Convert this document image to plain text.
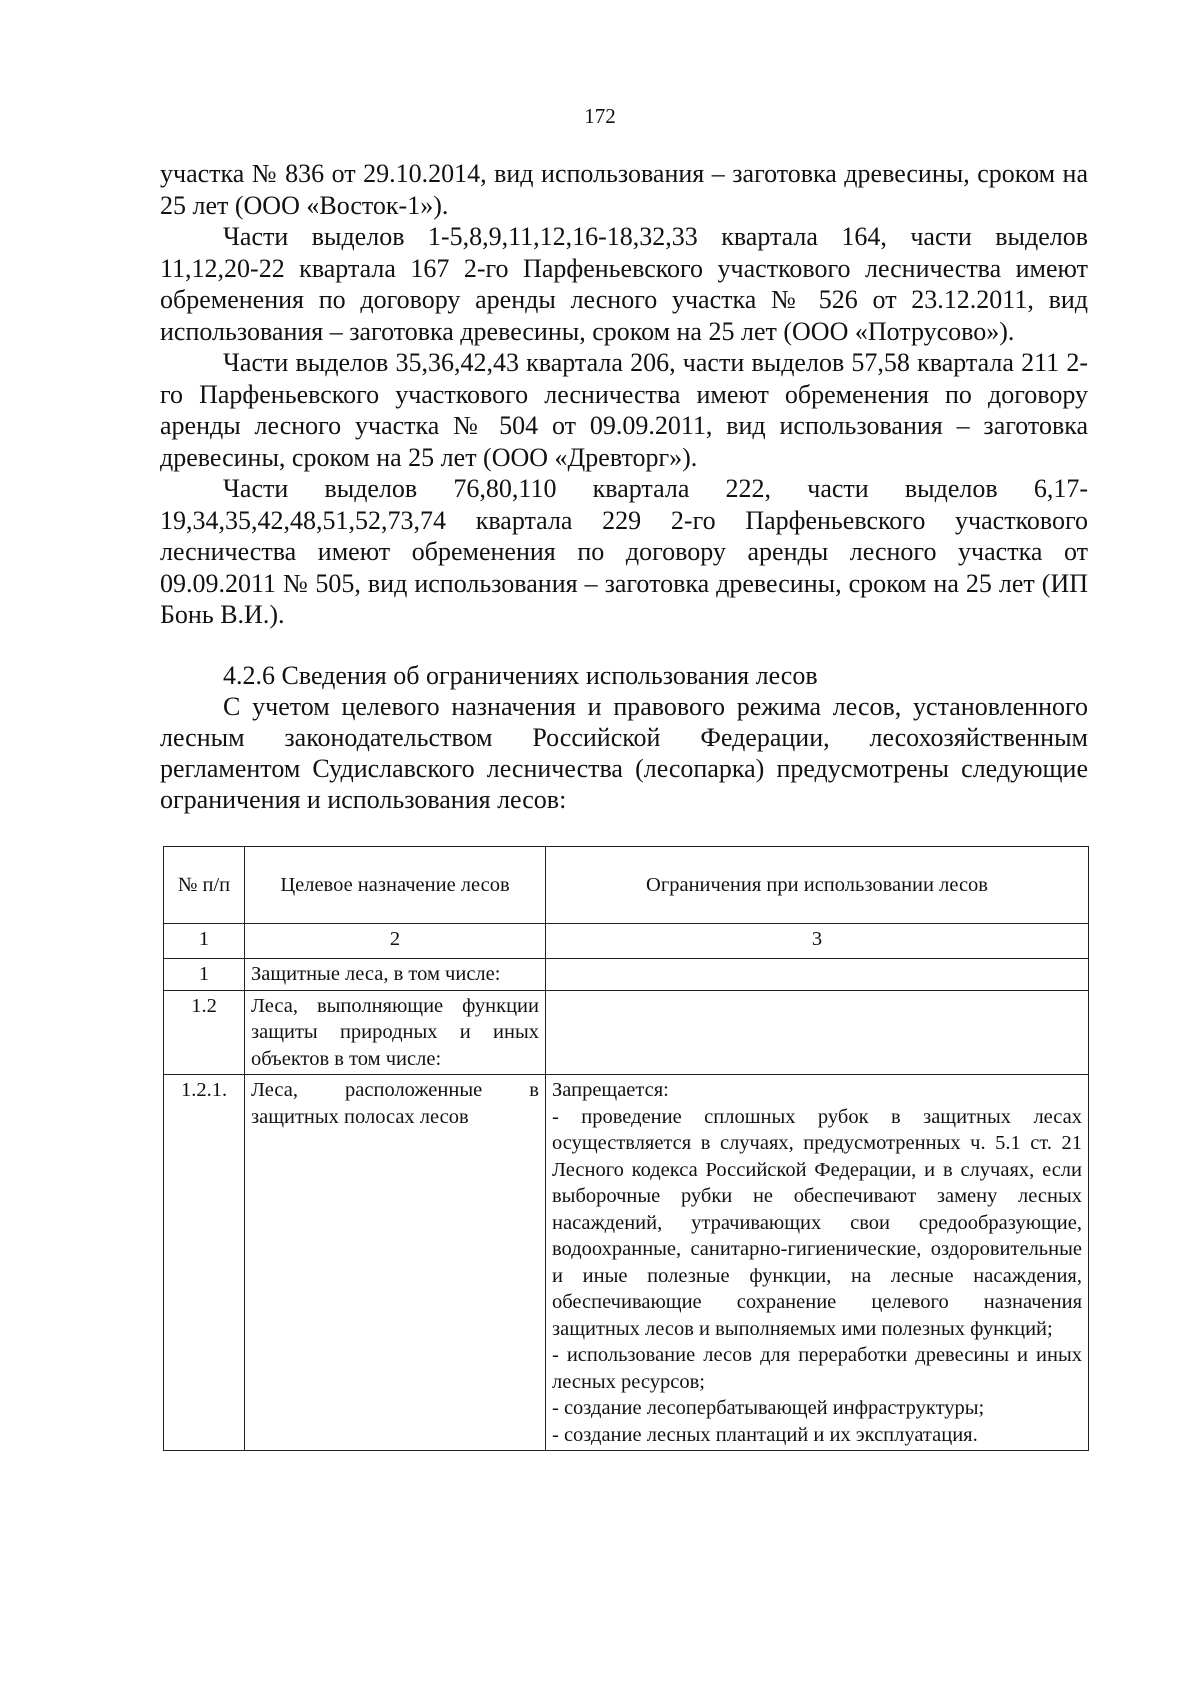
172

участка № 836 от 29.10.2014, вид использования – заготовка древесины, сроком на 25 лет (ООО «Восток-1»).

Части выделов 1-5,8,9,11,12,16-18,32,33 квартала 164, части выделов 11,12,20-22 квартала 167 2-го Парфеньевского участкового лесничества имеют обременения по договору аренды лесного участка № 526 от 23.12.2011, вид использования – заготовка древесины, сроком на 25 лет (ООО «Потрусово»).

Части выделов 35,36,42,43 квартала 206, части выделов 57,58 квартала 211 2-го Парфеньевского участкового лесничества имеют обременения по договору аренды лесного участка № 504 от 09.09.2011, вид использования – заготовка древесины, сроком на 25 лет (ООО «Древторг»).

Части выделов 76,80,110 квартала 222, части выделов 6,17-19,34,35,42,48,51,52,73,74 квартала 229 2-го Парфеньевского участкового лесничества имеют обременения по договору аренды лесного участка от 09.09.2011 № 505, вид использования – заготовка древесины, сроком на 25 лет (ИП Бонь В.И.).

4.2.6 Сведения об ограничениях использования лесов

С учетом целевого назначения и правового режима лесов, установленного лесным законодательством Российской Федерации, лесохозяйственным регламентом Судиславского лесничества (лесопарка) предусмотрены следующие ограничения и использования лесов:

№ п/п	Целевое назначение лесов	Ограничения при использовании лесов
1	2	3
1	Защитные леса, в том числе:	
1.2	Леса, выполняющие функции защиты природных и иных объектов в том числе:	
1.2.1.	Леса, расположенные в защитных полосах лесов	Запрещается:
- проведение сплошных рубок в защитных лесах осуществляется в случаях, предусмотренных ч. 5.1 ст. 21 Лесного кодекса Российской Федерации, и в случаях, если выборочные рубки не обеспечивают замену лесных насаждений, утрачивающих свои средообразующие, водоохранные, санитарно-гигиенические, оздоровительные и иные полезные функции, на лесные насаждения, обеспечивающие сохранение целевого назначения защитных лесов и выполняемых ими полезных функций;
- использование лесов для переработки древесины и иных лесных ресурсов;
- создание лесопербатывающей инфраструктуры;
- создание лесных плантаций и их эксплуатация.
